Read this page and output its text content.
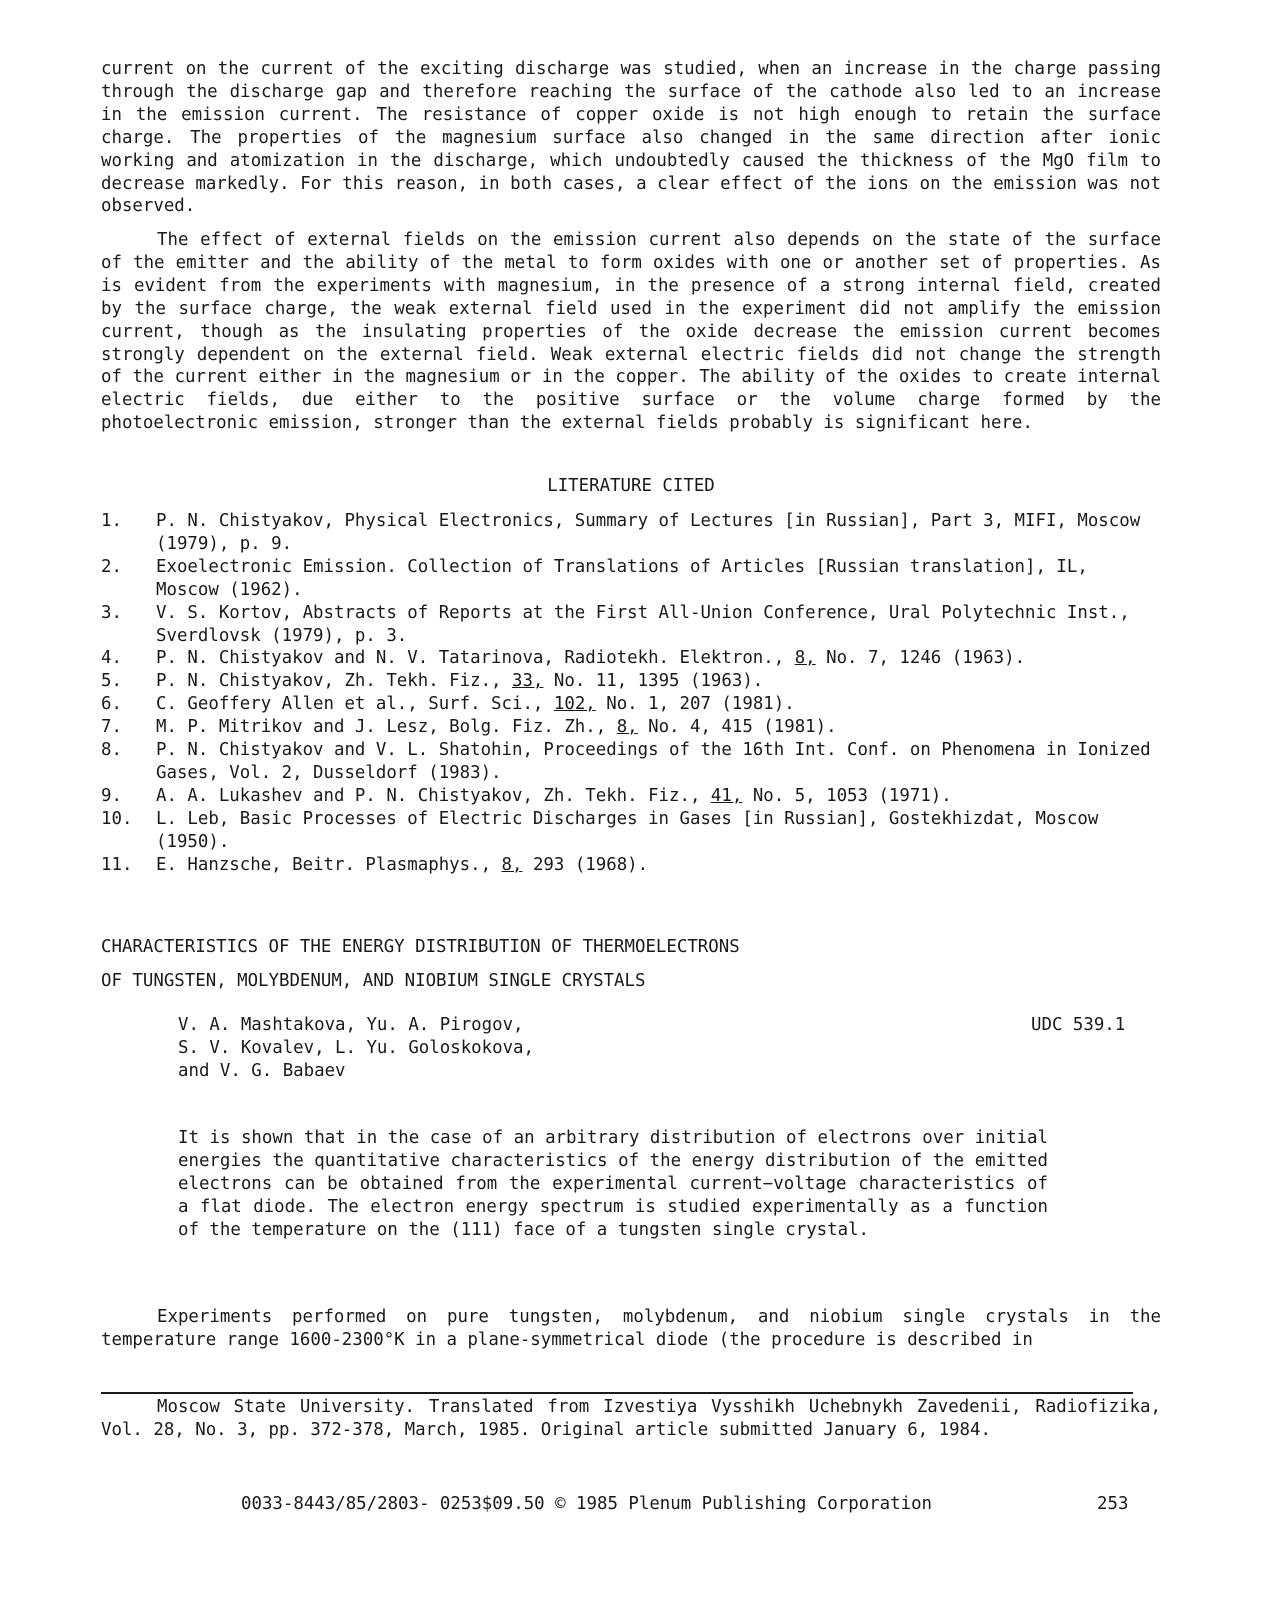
current on the current of the exciting discharge was studied, when an increase in the charge passing through the discharge gap and therefore reaching the surface of the cathode also led to an increase in the emission current. The resistance of copper oxide is not high enough to retain the surface charge. The properties of the magnesium surface also changed in the same direction after ionic working and atomization in the discharge, which undoubtedly caused the thickness of the MgO film to decrease markedly. For this reason, in both cases, a clear effect of the ions on the emission was not observed.

The effect of external fields on the emission current also depends on the state of the surface of the emitter and the ability of the metal to form oxides with one or another set of properties. As is evident from the experiments with magnesium, in the presence of a strong internal field, created by the surface charge, the weak external field used in the experiment did not amplify the emission current, though as the insulating properties of the oxide decrease the emission current becomes strongly dependent on the external field. Weak external electric fields did not change the strength of the current either in the magnesium or in the copper. The ability of the oxides to create internal electric fields, due either to the positive surface or the volume charge formed by the photoelectronic emission, stronger than the external fields probably is significant here.

LITERATURE CITED
1.	P. N. Chistyakov, Physical Electronics, Summary of Lectures [in Russian], Part 3, MIFI, Moscow (1979), p. 9.
2.	Exoelectronic Emission. Collection of Translations of Articles [Russian translation], IL, Moscow (1962).
3.	V. S. Kortov, Abstracts of Reports at the First All-Union Conference, Ural Polytechnic Inst., Sverdlovsk (1979), p. 3.
4.	P. N. Chistyakov and N. V. Tatarinova, Radiotekh. Elektron., 8, No. 7, 1246 (1963).
5.	P. N. Chistyakov, Zh. Tekh. Fiz., 33, No. 11, 1395 (1963).
6.	C. Geoffery Allen et al., Surf. Sci., 102, No. 1, 207 (1981).
7.	M. P. Mitrikov and J. Lesz, Bolg. Fiz. Zh., 8, No. 4, 415 (1981).
8.	P. N. Chistyakov and V. L. Shatohin, Proceedings of the 16th Int. Conf. on Phenomena in Ionized Gases, Vol. 2, Dusseldorf (1983).
9.	A. A. Lukashev and P. N. Chistyakov, Zh. Tekh. Fiz., 41, No. 5, 1053 (1971).
10.	L. Leb, Basic Processes of Electric Discharges in Gases [in Russian], Gostekhizdat, Moscow (1950).
11.	E. Hanzsche, Beitr. Plasmaphys., 8, 293 (1968).
CHARACTERISTICS OF THE ENERGY DISTRIBUTION OF THERMOELECTRONS
OF TUNGSTEN, MOLYBDENUM, AND NIOBIUM SINGLE CRYSTALS
V. A. Mashtakova, Yu. A. Pirogov,
S. V. Kovalev, L. Yu. Goloskokova,
and V. G. Babaev
UDC 539.1

It is shown that in the case of an arbitrary distribution of electrons over initial energies the quantitative characteristics of the energy distribution of the emitted electrons can be obtained from the experimental current−voltage characteristics of a flat diode. The electron energy spectrum is studied experimentally as a function of the temperature on the (111) face of a tungsten single crystal.

Experiments performed on pure tungsten, molybdenum, and niobium single crystals in the temperature range 1600-2300°K in a plane-symmetrical diode (the procedure is described in

Moscow State University. Translated from Izvestiya Vysshikh Uchebnykh Zavedenii, Radiofizika, Vol. 28, No. 3, pp. 372-378, March, 1985. Original article submitted January 6, 1984.

0033-8443/85/2803- 0253$09.50 © 1985 Plenum Publishing Corporation	253
